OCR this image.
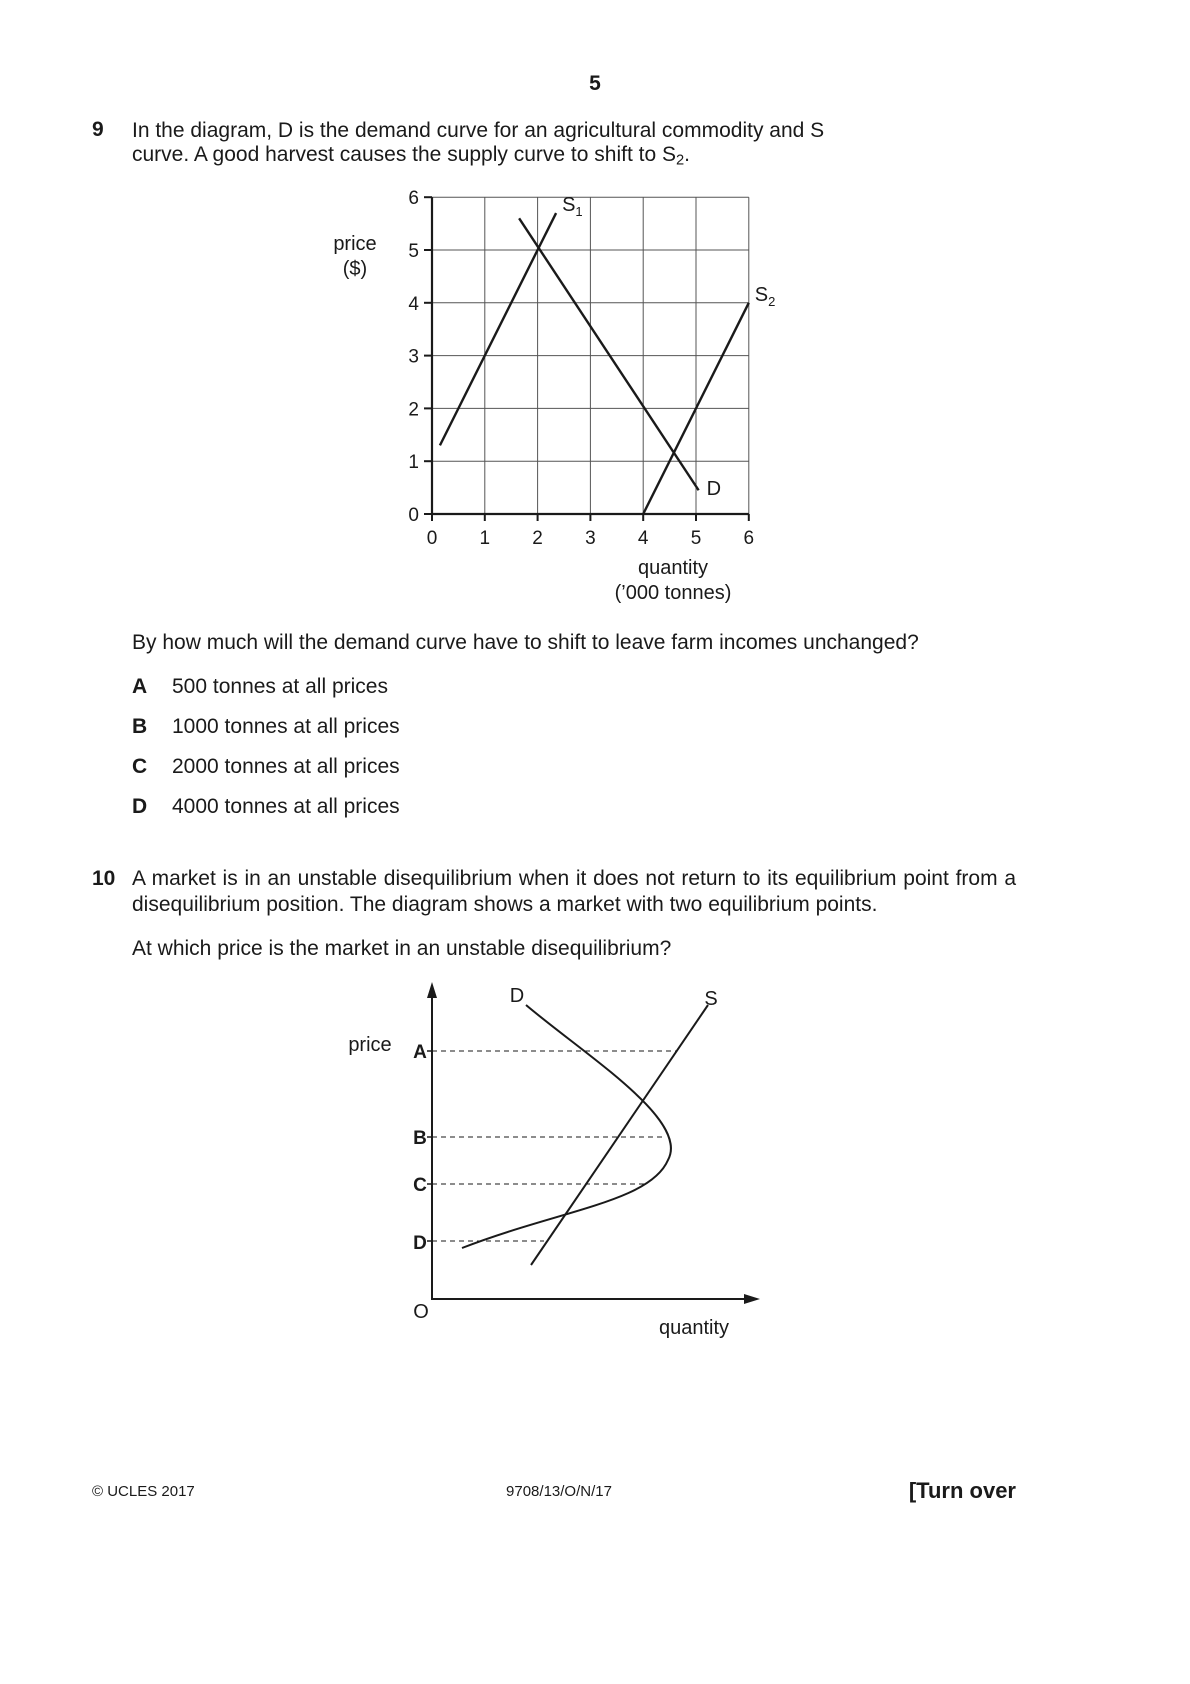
5
9 In the diagram, D is the demand curve for an agricultural commodity and S
curve. A good harvest causes the supply curve to shift to $S_2$.
0 1 2 3 4 5 6
0
1
2
3
4
5
6	$S_1$
$S_2$
D
price
($)
quantity
(’000 tonnes)
By how much will the demand curve have to shift to leave farm incomes unchanged?
A 500 tonnes at all prices
B 1000 tonnes at all prices
C 2000 tonnes at all prices
D 4000 tonnes at all prices
10 A market is in an unstable disequilibrium when it does not return to its equilibrium point from a disequilibrium position. The diagram shows a market with two equilibrium points.
At which price is the market in an unstable disequilibrium?
price
quantity
O
D	S
A
B
C
D
© UCLES 2017	9708/13/O/N/17	[Turn over
